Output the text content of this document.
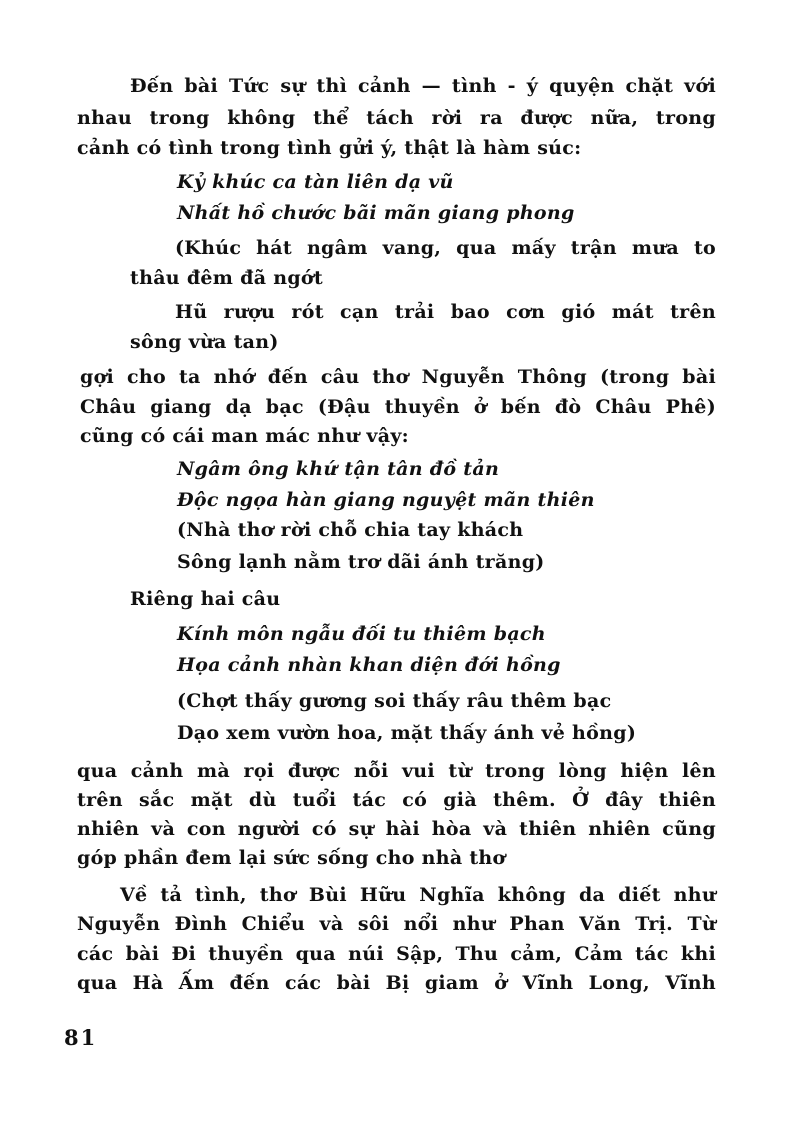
Đến bài Tức sự thì cảnh — tình - ý quyện chặt với
nhau trong không thể tách rời ra được nữa, trong
cảnh có tình trong tình gửi ý, thật là hàm súc:
Kỷ khúc ca tàn liên dạ vũ
Nhất hồ chước bãi mãn giang phong
(Khúc hát ngâm vang, qua mấy trận mưa to
thâu đêm đã ngớt
Hũ rượu rót cạn trải bao cơn gió mát trên
sông vừa tan)
gợi cho ta nhớ đến câu thơ Nguyễn Thông (trong bài
Châu giang dạ bạc (Đậu thuyền ở bến đò Châu Phê)
cũng có cái man mác như vậy:
Ngâm ông khứ tận tân đồ tản
Độc ngọa hàn giang nguyệt mãn thiên
(Nhà thơ rời chỗ chia tay khách
Sông lạnh nằm trơ dãi ánh trăng)
Riêng hai câu
Kính môn ngẫu đối tu thiêm bạch
Họa cảnh nhàn khan diện đới hồng
(Chợt thấy gương soi thấy râu thêm bạc
Dạo xem vườn hoa, mặt thấy ánh vẻ hồng)
qua cảnh mà rọi được nỗi vui từ trong lòng hiện lên
trên sắc mặt dù tuổi tác có già thêm. Ở đây thiên
nhiên và con người có sự hài hòa và thiên nhiên cũng
góp phần đem lại sức sống cho nhà thơ
Về tả tình, thơ Bùi Hữu Nghĩa không da diết như
Nguyễn Đình Chiểu và sôi nổi như Phan Văn Trị. Từ
các bài Đi thuyền qua núi Sập, Thu cảm, Cảm tác khi
qua Hà Ấm đến các bài Bị giam ở Vĩnh Long, Vĩnh
81
